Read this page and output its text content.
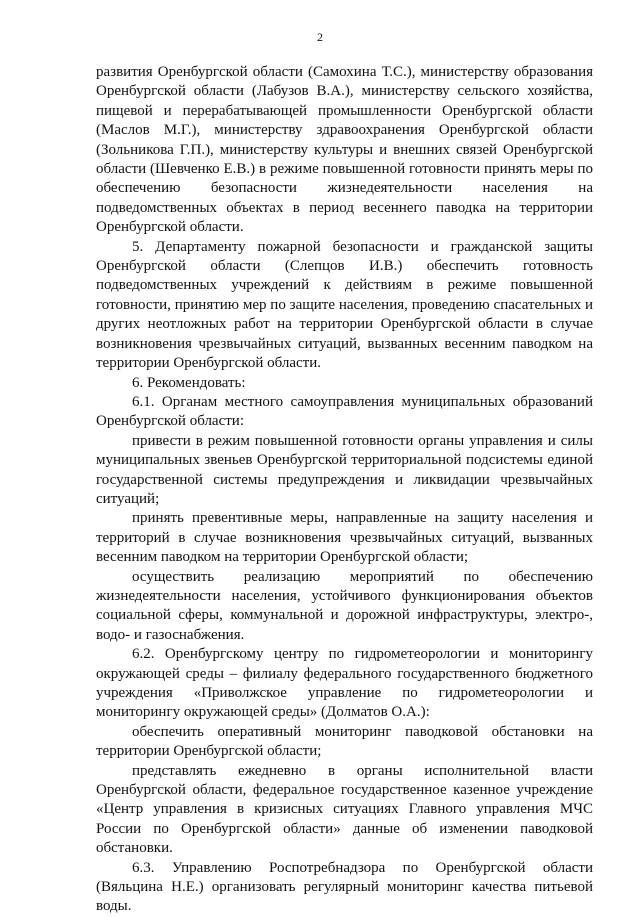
2

развития Оренбургской области (Самохина Т.С.), министерству образования Оренбургской области (Лабузов В.А.), министерству сельского хозяйства, пищевой и перерабатывающей промышленности Оренбургской области (Маслов М.Г.), министерству здравоохранения Оренбургской области (Зольникова Г.П.), министерству культуры и внешних связей Оренбургской области (Шевченко Е.В.) в режиме повышенной готовности принять меры по обеспечению безопасности жизнедеятельности населения на подведомственных объектах в период весеннего паводка на территории Оренбургской области.

5. Департаменту пожарной безопасности и гражданской защиты Оренбургской области (Слепцов И.В.) обеспечить готовность подведомственных учреждений к действиям в режиме повышенной готовности, принятию мер по защите населения, проведению спасательных и других неотложных работ на территории Оренбургской области в случае возникновения чрезвычайных ситуаций, вызванных весенним паводком на территории Оренбургской области.

6. Рекомендовать:

6.1. Органам местного самоуправления муниципальных образований Оренбургской области:

привести в режим повышенной готовности органы управления и силы муниципальных звеньев Оренбургской территориальной подсистемы единой государственной системы предупреждения и ликвидации чрезвычайных ситуаций;

принять превентивные меры, направленные на защиту населения и территорий в случае возникновения чрезвычайных ситуаций, вызванных весенним паводком на территории Оренбургской области;

осуществить реализацию мероприятий по обеспечению жизнедеятельности населения, устойчивого функционирования объектов социальной сферы, коммунальной и дорожной инфраструктуры, электро-, водо- и газоснабжения.

6.2. Оренбургскому центру по гидрометеорологии и мониторингу окружающей среды – филиалу федерального государственного бюджетного учреждения «Приволжское управление по гидрометеорологии и мониторингу окружающей среды» (Долматов О.А.):

обеспечить оперативный мониторинг паводковой обстановки на территории Оренбургской области;

представлять ежедневно в органы исполнительной власти Оренбургской области, федеральное государственное казенное учреждение «Центр управления в кризисных ситуациях Главного управления МЧС России по Оренбургской области» данные об изменении паводковой обстановки.

6.3. Управлению Роспотребнадзора по Оренбургской области (Вяльцина Н.Е.) организовать регулярный мониторинг качества питьевой воды.
